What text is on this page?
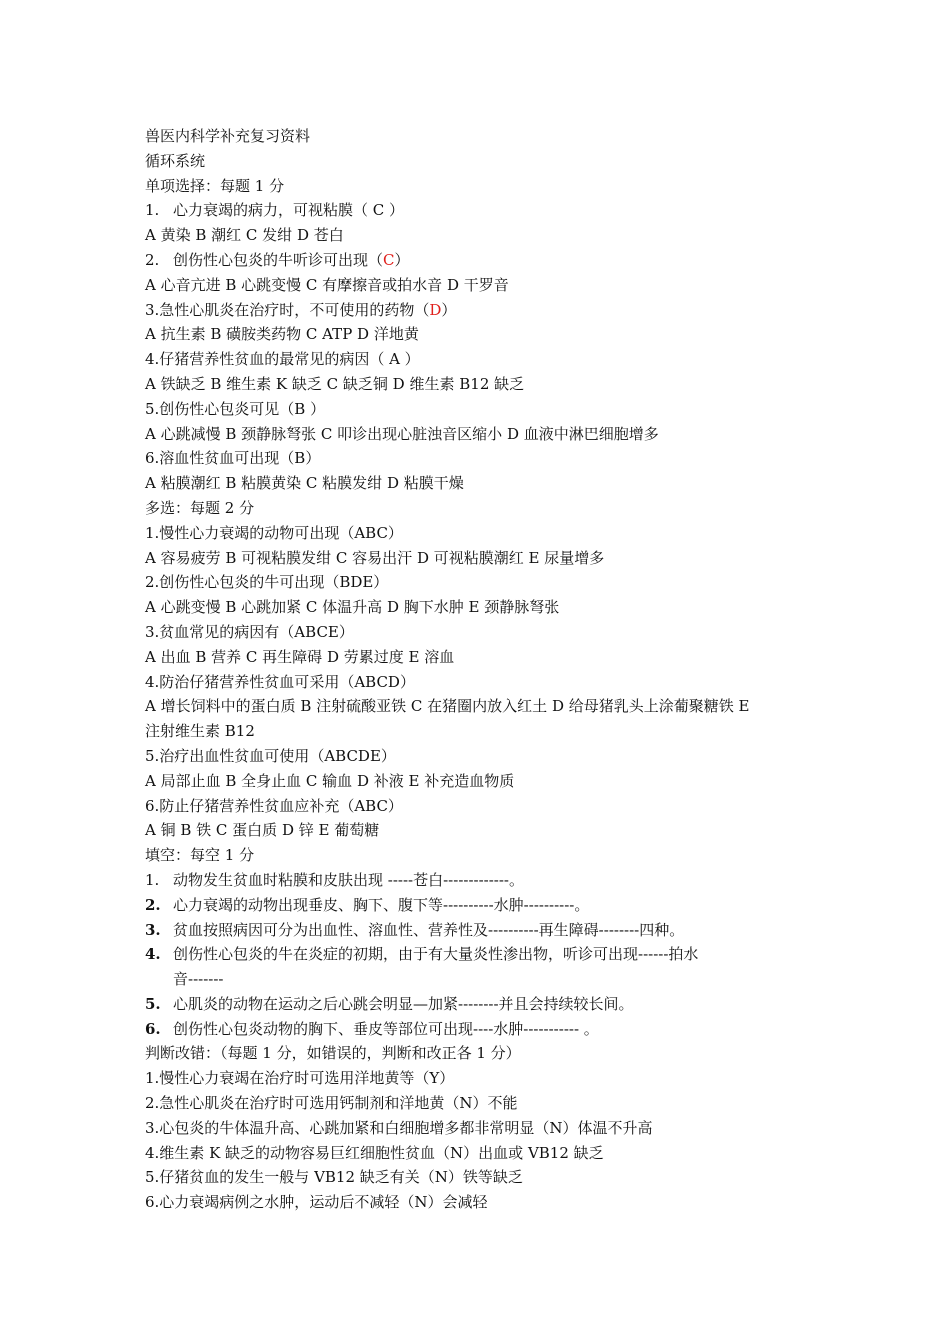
兽医内科学补充复习资料
循环系统
单项选择：每题 1 分
1. 心力衰竭的病力，可视粘膜（ C ）
A 黄染 B 潮红 C 发绀 D 苍白
2. 创伤性心包炎的牛听诊可出现（C）
A 心音亢进 B 心跳变慢 C 有摩擦音或拍水音 D 干罗音
3.急性心肌炎在治疗时，不可使用的药物（D）
A 抗生素 B 磺胺类药物 C ATP D 洋地黄
4.仔猪营养性贫血的最常见的病因（ A ）
A 铁缺乏 B 维生素 K 缺乏 C 缺乏铜 D 维生素 B12 缺乏
5.创伤性心包炎可见（B ）
A 心跳减慢 B 颈静脉弩张 C 叩诊出现心脏浊音区缩小 D 血液中淋巴细胞增多
6.溶血性贫血可出现（B）
A 粘膜潮红 B 粘膜黄染 C 粘膜发绀 D 粘膜干燥
多选：每题 2 分
1.慢性心力衰竭的动物可出现（ABC）
A 容易疲劳 B 可视粘膜发绀 C 容易出汗 D 可视粘膜潮红 E 尿量增多
2.创伤性心包炎的牛可出现（BDE）
A 心跳变慢 B 心跳加紧 C 体温升高 D 胸下水肿 E 颈静脉弩张
3.贫血常见的病因有（ABCE）
A 出血 B 营养 C 再生障碍 D 劳累过度 E 溶血
4.防治仔猪营养性贫血可采用（ABCD）
A 增长饲料中的蛋白质 B 注射硫酸亚铁 C 在猪圈内放入红土 D 给母猪乳头上涂葡聚糖铁 E
注射维生素 B12
5.治疗出血性贫血可使用（ABCDE）
A 局部止血 B 全身止血 C 输血 D 补液 E 补充造血物质
6.防止仔猪营养性贫血应补充（ABC）
A 铜 B 铁 C 蛋白质 D 锌 E 葡萄糖
填空：每空 1 分
1. 动物发生贫血时粘膜和皮肤出现 -----苍白-------------。
2. 心力衰竭的动物出现垂皮、胸下、腹下等----------水肿----------。
3. 贫血按照病因可分为出血性、溶血性、营养性及----------再生障碍--------四种。
4. 创伤性心包炎的牛在炎症的初期，由于有大量炎性渗出物，听诊可出现------拍水
音-------
5. 心肌炎的动物在运动之后心跳会明显—加紧--------并且会持续较长间。
6. 创伤性心包炎动物的胸下、垂皮等部位可出现----水肿----------- 。
判断改错：（每题 1 分，如错误的，判断和改正各 1 分）
1.慢性心力衰竭在治疗时可选用洋地黄等（Y）
2.急性心肌炎在治疗时可选用钙制剂和洋地黄（N）不能
3.心包炎的牛体温升高、心跳加紧和白细胞增多都非常明显（N）体温不升高
4.维生素 K 缺乏的动物容易巨红细胞性贫血（N）出血或 VB12 缺乏
5.仔猪贫血的发生一般与 VB12 缺乏有关（N）铁等缺乏
6.心力衰竭病例之水肿，运动后不减轻（N）会减轻
